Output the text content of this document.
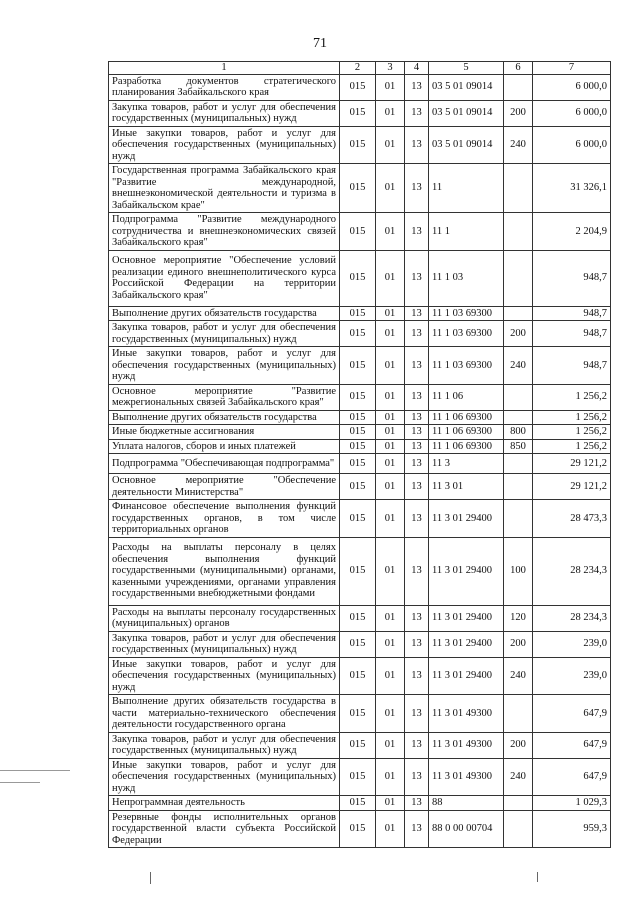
71
1	2	3	4	5	6	7
Разработка документов стратегического планирования Забайкальского края	015	01	13	03 5 01 09014		6 000,0
Закупка товаров, работ и услуг для обеспечения государственных (муниципальных) нужд	015	01	13	03 5 01 09014	200	6 000,0
Иные закупки товаров, работ и услуг для обеспечения государственных (муниципальных) нужд	015	01	13	03 5 01 09014	240	6 000,0
Государственная программа Забайкальского края "Развитие международной, внешнеэкономической деятельности и туризма в Забайкальском крае"	015	01	13	11		31 326,1
Подпрограмма "Развитие международного сотрудничества и внешнеэкономических связей Забайкальского края"	015	01	13	11 1		2 204,9
Основное мероприятие "Обеспечение условий реализации единого внешнеполитического курса Российской Федерации на территории Забайкальского края"	015	01	13	11 1 03		948,7
Выполнение других обязательств государства	015	01	13	11 1 03 69300		948,7
Закупка товаров, работ и услуг для обеспечения государственных (муниципальных) нужд	015	01	13	11 1 03 69300	200	948,7
Иные закупки товаров, работ и услуг для обеспечения государственных (муниципальных) нужд	015	01	13	11 1 03 69300	240	948,7
Основное мероприятие "Развитие межрегиональных связей Забайкальского края"	015	01	13	11 1 06		1 256,2
Выполнение других обязательств государства	015	01	13	11 1 06 69300		1 256,2
Иные бюджетные ассигнования	015	01	13	11 1 06 69300	800	1 256,2
Уплата налогов, сборов и иных платежей	015	01	13	11 1 06 69300	850	1 256,2
Подпрограмма "Обеспечивающая подпрограмма"	015	01	13	11 3		29 121,2
Основное мероприятие "Обеспечение деятельности Министерства"	015	01	13	11 3 01		29 121,2
Финансовое обеспечение выполнения функций государственных органов, в том числе территориальных органов	015	01	13	11 3 01 29400		28 473,3
Расходы на выплаты персоналу в целях обеспечения выполнения функций государственными (муниципальными) органами, казенными учреждениями, органами управления государственными внебюджетными фондами	015	01	13	11 3 01 29400	100	28 234,3
Расходы на выплаты персоналу государственных (муниципальных) органов	015	01	13	11 3 01 29400	120	28 234,3
Закупка товаров, работ и услуг для обеспечения государственных (муниципальных) нужд	015	01	13	11 3 01 29400	200	239,0
Иные закупки товаров, работ и услуг для обеспечения государственных (муниципальных) нужд	015	01	13	11 3 01 29400	240	239,0
Выполнение других обязательств государства в части материально-технического обеспечения деятельности государственного органа	015	01	13	11 3 01 49300		647,9
Закупка товаров, работ и услуг для обеспечения государственных (муниципальных) нужд	015	01	13	11 3 01 49300	200	647,9
Иные закупки товаров, работ и услуг для обеспечения государственных (муниципальных) нужд	015	01	13	11 3 01 49300	240	647,9
Непрограммная деятельность	015	01	13	88		1 029,3
Резервные фонды исполнительных органов государственной власти субъекта Российской Федерации	015	01	13	88 0 00 00704		959,3
